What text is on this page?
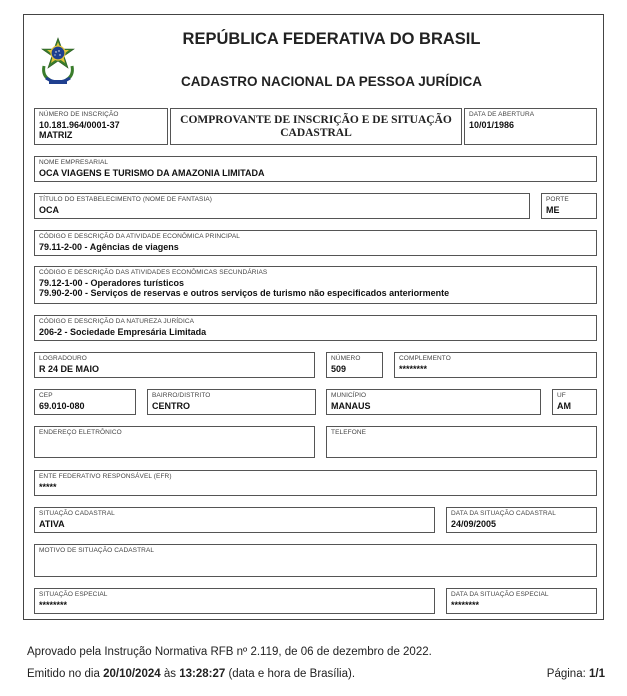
REPÚBLICA FEDERATIVA DO BRASIL
CADASTRO NACIONAL DA PESSOA JURÍDICA
NÚMERO DE INSCRIÇÃO
10.181.964/0001-37
MATRIZ
COMPROVANTE DE INSCRIÇÃO E DE SITUAÇÃO
CADASTRAL
DATA DE ABERTURA
10/01/1986
NOME EMPRESARIAL
OCA VIAGENS E TURISMO DA AMAZONIA LIMITADA
TÍTULO DO ESTABELECIMENTO (NOME DE FANTASIA)
OCA
PORTE
ME
CÓDIGO E DESCRIÇÃO DA ATIVIDADE ECONÔMICA PRINCIPAL
79.11-2-00 - Agências de viagens
CÓDIGO E DESCRIÇÃO DAS ATIVIDADES ECONÔMICAS SECUNDÁRIAS
79.12-1-00 - Operadores turísticos
79.90-2-00 - Serviços de reservas e outros serviços de turismo não especificados anteriormente
CÓDIGO E DESCRIÇÃO DA NATUREZA JURÍDICA
206-2 - Sociedade Empresária Limitada
LOGRADOURO
R 24 DE MAIO
NÚMERO
509
COMPLEMENTO
********
CEP
69.010-080
BAIRRO/DISTRITO
CENTRO
MUNICÍPIO
MANAUS
UF
AM
ENDEREÇO ELETRÔNICO	TELEFONE
ENTE FEDERATIVO RESPONSÁVEL (EFR)
*****
SITUAÇÃO CADASTRAL
ATIVA
DATA DA SITUAÇÃO CADASTRAL
24/09/2005
MOTIVO DE SITUAÇÃO CADASTRAL
SITUAÇÃO ESPECIAL
********
DATA DA SITUAÇÃO ESPECIAL
********
Aprovado pela Instrução Normativa RFB nº 2.119, de 06 de dezembro de 2022.
Emitido no dia 20/10/2024 às 13:28:27 (data e hora de Brasília).	Página: 1/1
